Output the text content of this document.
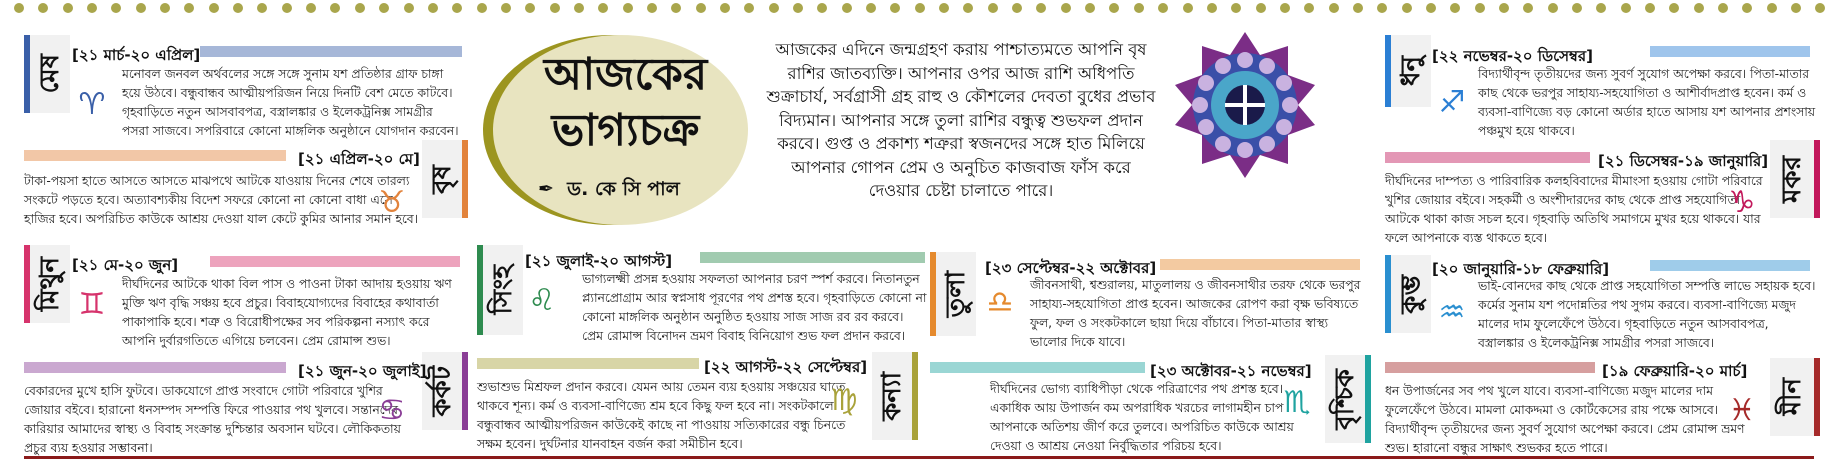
আজকের
ভাগ্যচক্র
✒ ড. কে সি পাল
আজকের এদিনে জন্মগ্রহণ করায় পাশ্চাত্যমতে আপনি বৃষ রাশির জাতব্যক্তি। আপনার ওপর আজ রাশি অধিপতি শুক্রাচার্য, সর্বগ্রাসী গ্রহ রাহু ও কৌশলের দেবতা বুধের প্রভাব বিদ্যমান। আপনার সঙ্গে তুলা রাশির বন্ধুত্ব শুভফল প্রদান করবে। গুপ্ত ও প্রকাশ্য শত্রুরা স্বজনদের সঙ্গে হাত মিলিয়ে আপনার গোপন প্রেম ও অনুচিত কাজবাজ ফাঁস করে দেওয়ার চেষ্টা চালাতে পারে।
মেষ [২১ মার্চ-২০ এপ্রিল]
মনোবল জনবল অর্থবলের সঙ্গে সঙ্গে সুনাম যশ প্রতিষ্ঠার গ্রাফ চাঙ্গা হয়ে উঠবে। বন্ধুবান্ধব আত্মীয়পরিজন নিয়ে দিনটি বেশ মেতে কাটবে। গৃহবাড়িতে নতুন আসবাবপত্র, বস্ত্রালঙ্কার ও ইলেকট্রনিক্স সামগ্রীর পসরা সাজবে। সপরিবারে কোনো মাঙ্গলিক অনুষ্ঠানে যোগদান করবেন।
♈
বৃষ
[২১ এপ্রিল-২০ মে]
টাকা-পয়সা হাতে আসতে আসতে মাঝপথে আটকে যাওয়ায় দিনের শেষে তারল্য সংকটে পড়তে হবে। অত্যাবশ্যকীয় বিদেশ সফরে কোনো না কোনো বাধা এসে হাজির হবে। অপরিচিত কাউকে আশ্রয় দেওয়া যাল কেটে কুমির আনার সমান হবে।
♉
মিথুন [২১ মে-২০ জুন]
দীর্ঘদিনের আটকে থাকা বিল পাস ও পাওনা টাকা আদায় হওয়ায় ঋণ মুক্তি ঋণ বৃদ্ধি সঞ্চয় হবে প্রচুর। বিবাহযোগ্যদের বিবাহের কথাবার্তা পাকাপাকি হবে। শত্রু ও বিরোধীপক্ষের সব পরিকল্পনা নস্যাৎ করে আপনি দুর্বারগতিতে এগিয়ে চলবেন। প্রেম রোমান্স শুভ।
♊
কর্কট
[২১ জুন-২০ জুলাই]
বেকারদের মুখে হাসি ফুটবে। ডাকযোগে প্রাপ্ত সংবাদে গোটা পরিবারে খুশির জোয়ার বইবে। হারানো ধনসম্পদ সম্পত্তি ফিরে পাওয়ার পথ খুলবে। সন্তানদের কারিয়ার আমাদের স্বাস্থ্য ও বিবাহ সংক্রান্ত দুশ্চিন্তার অবসান ঘটবে। লৌকিকতায় প্রচুর ব্যয় হওয়ার সম্ভাবনা।
♋
সিংহ
[২১ জুলাই-২০ আগস্ট]
ভাগ্যলক্ষ্মী প্রসন্ন হওয়ায় সফলতা আপনার চরণ স্পর্শ করবে। নিতানতুন প্ল্যানপ্রোগ্রাম আর স্বপ্নসাধ পূরণের পথ প্রশস্ত হবে। গৃহবাড়িতে কোনো না কোনো মাঙ্গলিক অনুষ্ঠান অনুষ্ঠিত হওয়ায় সাজ সাজ রব রব করবে। প্রেম রোমান্স বিনোদন ভ্রমণ বিবাহ বিনিয়োগ শুভ ফল প্রদান করবে।
♌
কন্যা
[২২ আগস্ট-২২ সেপ্টেম্বর]
শুভাশুভ মিশ্রফল প্রদান করবে। যেমন আয় তেমন ব্যয় হওয়ায় সঞ্চয়ের ঘাতে থাকবে শূন্য। কর্ম ও ব্যবসা-বাণিজ্যে শ্রম হবে কিছু ফল হবে না। সংকটকালে বন্ধুবান্ধব আত্মীয়পরিজন কাউকেই কাছে না পাওয়ায় সত্যিকারের বন্ধু চিনতে সক্ষম হবেন। দুর্ঘটনার যানবাহন বর্জন করা সমীচীন হবে।
♍
তুলা
[২৩ সেপ্টেম্বর-২২ অক্টোবর]
জীবনসাথী, শ্বশুরালয়, মাতুলালয় ও জীবনসাথীর তরফ থেকে ভরপুর সাহায্য-সহযোগিতা প্রাপ্ত হবেন। আজকের রোপণ করা বৃক্ষ ভবিষ্যতে ফুল, ফল ও সংকটকালে ছায়া দিয়ে বাঁচাবে। পিতা-মাতার স্বাস্থ্য ভালোর দিকে যাবে।
♎
বৃশ্চিক
[২৩ অক্টোবর-২১ নভেম্বর]
দীর্ঘদিনের ভোগ্য ব্যাধিপীড়া থেকে পরিত্রাণের পথ প্রশস্ত হবে। একাধিক আয় উপার্জন কম অপরাধিক খরচের লাগামহীন চাপ আপনাকে অতিশয় জীর্ণ করে তুলবে। অপরিচিত কাউকে আশ্রয় দেওয়া ও আশ্রয় নেওয়া নির্বুদ্ধিতার পরিচয় হবে।
♏
ধনু [২২ নভেম্বর-২০ ডিসেম্বর]
বিদ্যার্থীবৃন্দ তৃতীয়দের জন্য সুবর্ণ সুযোগ অপেক্ষা করবে। পিতা-মাতার কাছ থেকে ভরপুর সাহায্য-সহযোগিতা ও আশীর্বাদপ্রাপ্ত হবেন। কর্ম ও ব্যবসা-বাণিজ্যে বড় কোনো অর্ডার হাতে আসায় যশ আপনার প্রশংসায় পঞ্চমুখ হয়ে থাকবে।
♐
মকর
[২১ ডিসেম্বর-১৯ জানুয়ারি]
দীর্ঘদিনের দাম্পত্য ও পারিবারিক কলহবিবাদের মীমাংসা হওয়ায় গোটা পরিবারে খুশির জোয়ার বইবে। সহকর্মী ও অংশীদারদের কাছ থেকে প্রাপ্ত সহযোগিতা আটকে থাকা কাজ সচল হবে। গৃহবাড়ি অতিথি সমাগমে মুখর হয়ে থাকবে। যার ফলে আপনাকে ব্যস্ত থাকতে হবে।
♑
কুম্ভ
[২০ জানুয়ারি-১৮ ফেব্রুয়ারি]
ভাই-বোনদের কাছ থেকে প্রাপ্ত সহযোগিতা সম্পত্তি লাভে সহায়ক হবে। কর্মের সুনাম যশ পদোন্নতির পথ সুগম করবে। ব্যবসা-বাণিজ্যে মজুদ মালের দাম ফুলেফেঁপে উঠবে। গৃহবাড়িতে নতুন আসবাবপত্র, বস্ত্রালঙ্কার ও ইলেকট্রনিক্স সামগ্রীর পসরা সাজবে।
♒
মীন
[১৯ ফেব্রুয়ারি-২০ মার্চ]
ধন উপার্জনের সব পথ খুলে যাবে। ব্যবসা-বাণিজ্যে মজুদ মালের দাম ফুলেফেঁপে উঠবে। মামলা মোকদ্দমা ও কোর্টকেসের রায় পক্ষে আসবে। বিদ্যার্থীবৃন্দ তৃতীয়দের জন্য সুবর্ণ সুযোগ অপেক্ষা করবে। প্রেম রোমান্স ভ্রমণ শুভ। হারানো বন্ধুর সাক্ষাৎ শুভকর হতে পারে।
♓
